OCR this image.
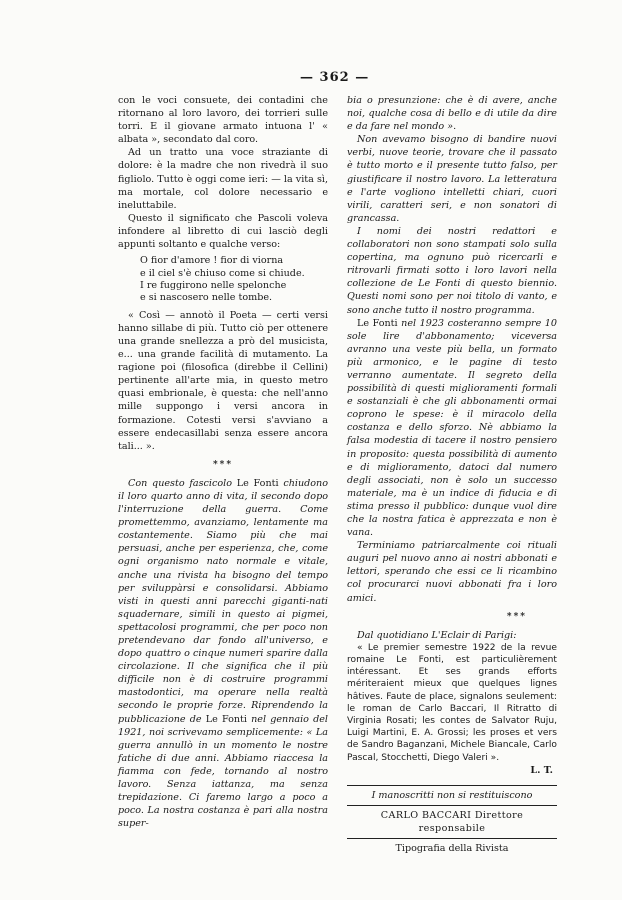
— 362 —

con le voci consuete, dei contadini che ritornano al loro lavoro, dei torrieri sulle torri. E il giovane armato intuona l' « albata », secondato dal coro.

Ad un tratto una voce straziante di dolore: è la madre che non rivedrà il suo figliolo. Tutto è oggi come ieri: — la vita sì, ma mortale, col dolore necessario e ineluttabile.

Questo il significato che Pascoli voleva infondere al libretto di cui lasciò degli appunti soltanto e qualche verso:

O fior d'amore ! fior di viorna
e il ciel s'è chiuso come si chiude.
I re fuggirono nelle spelonche
e si nascosero nelle tombe.

« Così — annotò il Poeta — certi versi hanno sillabe di più. Tutto ciò per ottenere una grande snellezza a prò del musicista, e... una grande facilità di mutamento. La ragione poi (filosofica (direbbe il Cellini) pertinente all'arte mia, in questo metro quasi embrionale, è questa: che nell'anno mille suppongo i versi ancora in formazione. Cotesti versi s'avviano a essere endecasillabi senza essere ancora tali... ».

***

Con questo fascicolo Le Fonti chiudono il loro quarto anno di vita, il secondo dopo l'interruzione della guerra. Come promettemmo, avanziamo, lentamente ma costantemente. Siamo più che mai persuasi, anche per esperienza, che, come ogni organismo nato normale e vitale, anche una rivista ha bisogno del tempo per sviluppàrsi e consolidarsi. Abbiamo visti in questi anni parecchi giganti-nati squadernare, simili in questo ai pigmei, spettacolosi programmi, che per poco non pretendevano dar fondo all'universo, e dopo quattro o cinque numeri sparire dalla circolazione. Il che significa che il più difficile non è di costruire programmi mastodontici, ma operare nella realtà secondo le proprie forze. Riprendendo la pubblicazione de Le Fonti nel gennaio del 1921, noi scrivevamo semplicemente: « La guerra annullò in un momento le nostre fatiche di due anni. Abbiamo riaccesa la fiamma con fede, tornando al nostro lavoro. Senza iattanza, ma senza trepidazione. Ci faremo largo a poco a poco. La nostra costanza è pari alla nostra super-

bia o presunzione: che è di avere, anche noi, qualche cosa di bello e di utile da dire e da fare nel mondo ».

Non avevamo bisogno di bandire nuovi verbi, nuove teorie, trovare che il passato è tutto morto e il presente tutto falso, per giustificare il nostro lavoro. La letteratura e l'arte vogliono intelletti chiari, cuori virili, caratteri seri, e non sonatori di grancassa.

I nomi dei nostri redattori e collaboratori non sono stampati solo sulla copertina, ma ognuno può ricercarli e ritrovarli firmati sotto i loro lavori nella collezione de Le Fonti di questo biennio. Questi nomi sono per noi titolo di vanto, e sono anche tutto il nostro programma.

Le Fonti nel 1923 costeranno sempre 10 sole lire d'abbonamento; viceversa avranno una veste più bella, un formato più armonico, e le pagine di testo verranno aumentate. Il segreto della possibilità di questi miglioramenti formali e sostanziali è che gli abbonamenti ormai coprono le spese: è il miracolo della costanza e dello sforzo. Nè abbiamo la falsa modestia di tacere il nostro pensiero in proposito: questa possibilità di aumento e di miglioramento, datoci dal numero degli associati, non è solo un successo materiale, ma è un indice di fiducia e di stima presso il pubblico: dunque vuol dire che la nostra fatica è apprezzata e non è vana.

Terminiamo patriarcalmente coi rituali auguri pel nuovo anno ai nostri abbonati e lettori, sperando che essi ce li ricambino col procurarci nuovi abbonati fra i loro amici.

***

Dal quotidiano L'Eclair di Parigi:

« Le premier semestre 1922 de la revue romaine Le Fonti, est particulièrement intéressant. Et ses grands efforts mériteraient mieux que quelques lignes hâtives. Faute de place, signalons seulement: le roman de Carlo Baccari, Il Ritratto di Virginia Rosati; les contes de Salvator Ruju, Luigi Martini, E. A. Grossi; les proses et vers de Sandro Baganzani, Michele Biancale, Carlo Pascal, Stocchetti, Diego Valeri ».

L. T.
I manoscritti non si restituiscono
CARLO BACCARI Direttore responsabile
Tipografia della Rivista
